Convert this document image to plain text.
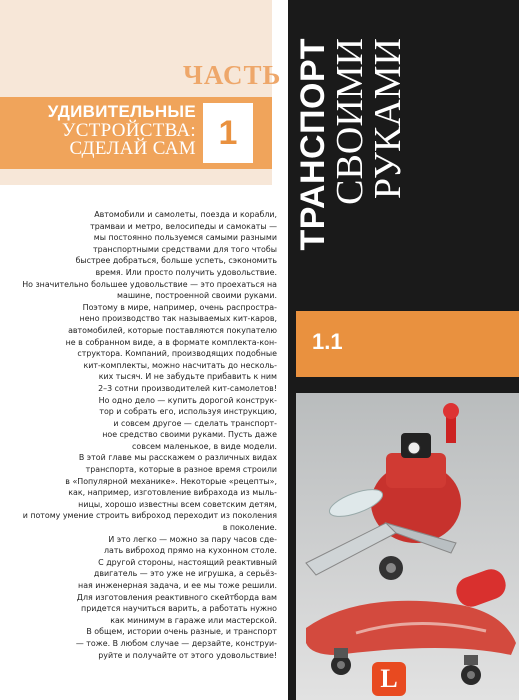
ЧАСТЬ
УДИВИТЕЛЬНЫЕ
УСТРОЙСТВА:
СДЕЛАЙ САМ 1

Автомобили и самолеты, поезда и корабли,

трамваи и метро, велосипеды и самокаты —

мы постоянно пользуемся самыми разными

транспортными средствами для того чтобы

быстрее добраться, больше успеть, сэкономить

время. Или просто получить удовольствие.

Но значительно большее удовольствие — это проехаться на машине, построенной своими руками.

Поэтому в мире, например, очень распростра-

нено производство так называемых кит-каров,

автомобилей, которые поставляются покупателю

не в собранном виде, а в формате комплекта-кон-

структора. Компаний, производящих подобные

кит-комплекты, можно насчитать до несколь-

ких тысяч. И не забудьте прибавить к ним

2–3 сотни производителей кит-самолетов!

Но одно дело — купить дорогой конструк-

тор и собрать его, используя инструкцию,

и совсем другое — сделать транспорт-

ное средство своими руками. Пусть даже

совсем маленькое, в виде модели.

В этой главе мы расскажем о различных видах

транспорта, которые в разное время строили

в «Популярной механике». Некоторые «рецепты»,

как, например, изготовление вибрахода из мыль-

ницы, хорошо известны всем советским детям,

и потому умение строить виброход переходит из поколения в поколение.

И это легко — можно за пару часов сде-

лать виброход прямо на кухонном столе.

С другой стороны, настоящий реактивный

двигатель — это уже не игрушка, а серьёз-

ная инженерная задача, и ее мы тоже решили.

Для изготовления реактивного скейтборда вам

придется научиться варить, а работать нужно

как минимум в гараже или мастерской.

В общем, истории очень разные, и транспорт

— тоже. В любом случае — дерзайте, конструи-

руйте и получайте от этого удовольствие!

ТРАНСПОРТ
СВОИМИ РУКАМИ
1.1
L
